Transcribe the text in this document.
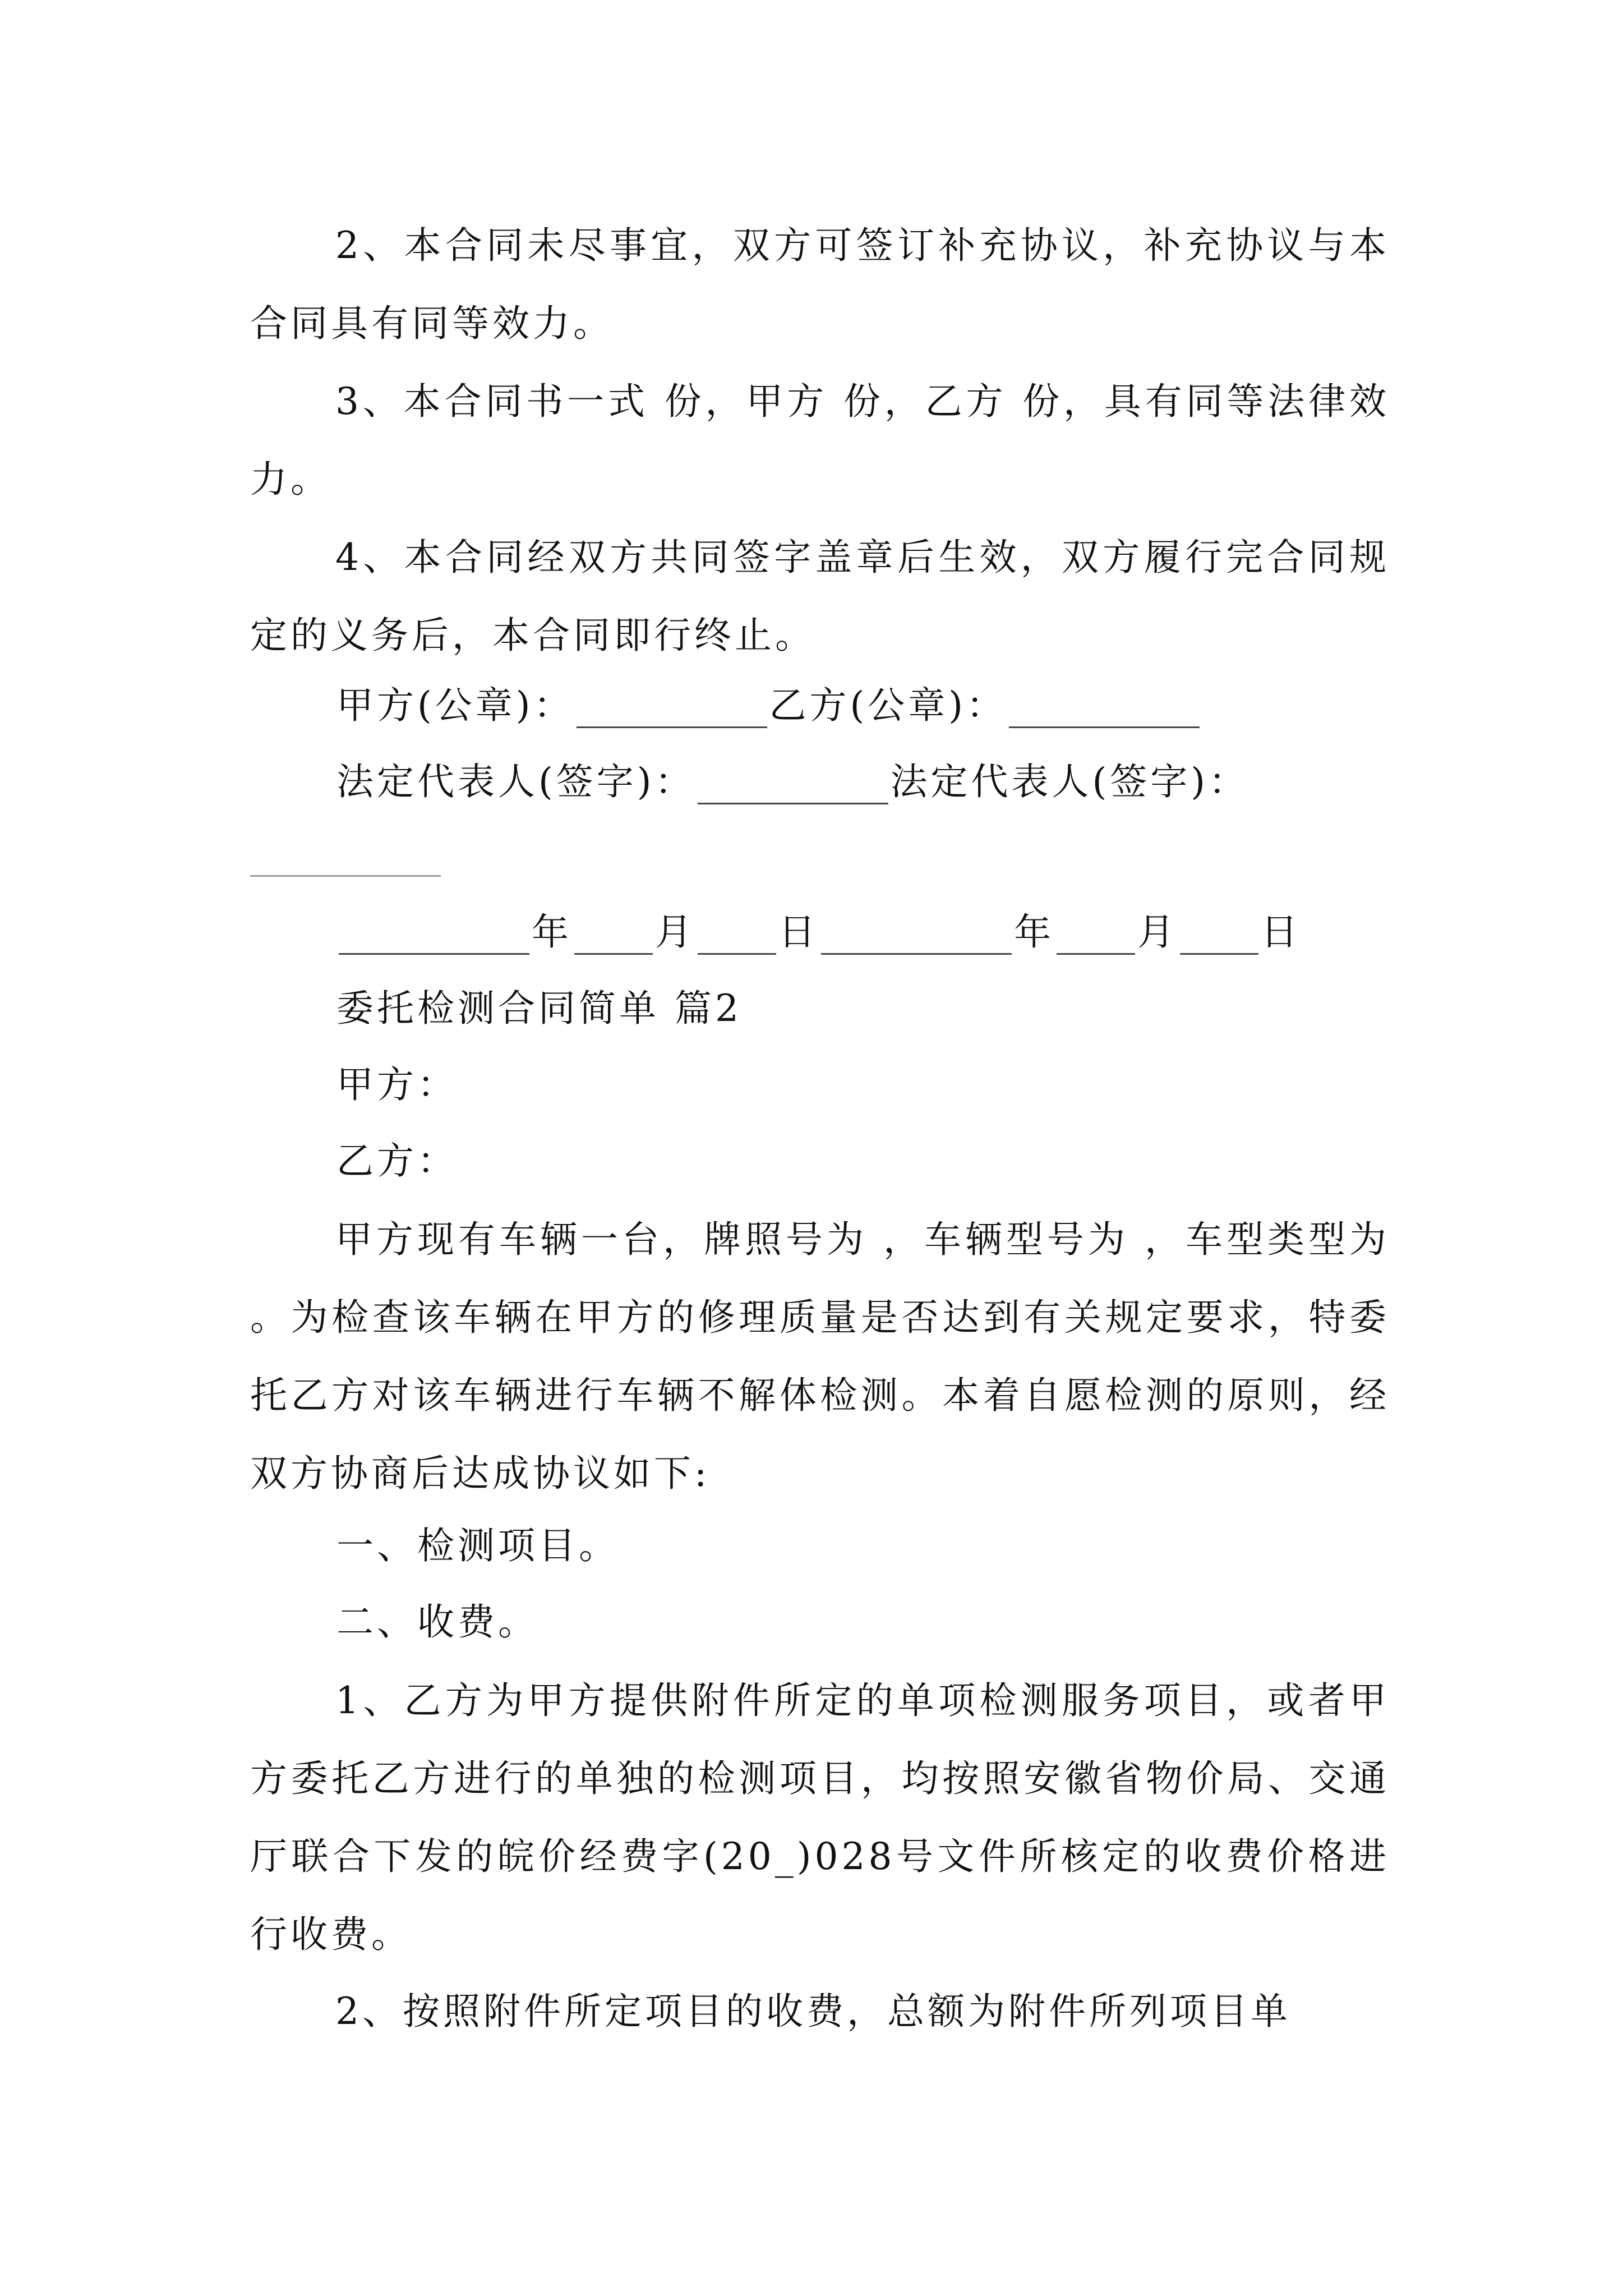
2、本合同未尽事宜，双方可签订补充协议，补充协议与本合同具有同等效力。

3、本合同书一式 份，甲方 份，乙方 份，具有同等法律效力。

4、本合同经双方共同签字盖章后生效，双方履行完合同规定的义务后，本合同即行终止。

甲方(公章)：	乙方(公章)：
法定代表人(签字)：	法定代表人(签字)：
年 月 日	年 月 日
委托检测合同简单 篇2
甲方：
乙方：

甲方现有车辆一台，牌照号为 ，车辆型号为 ，车型类型为 。为检查该车辆在甲方的修理质量是否达到有关规定要求，特委托乙方对该车辆进行车辆不解体检测。本着自愿检测的原则，经双方协商后达成协议如下:

一、检测项目。
二、收费。

1、乙方为甲方提供附件所定的单项检测服务项目，或者甲方委托乙方进行的单独的检测项目，均按照安徽省物价局、交通厅联合下发的皖价经费字(20_)028号文件所核定的收费价格进行收费。

2、按照附件所定项目的收费，总额为附件所列项目单
